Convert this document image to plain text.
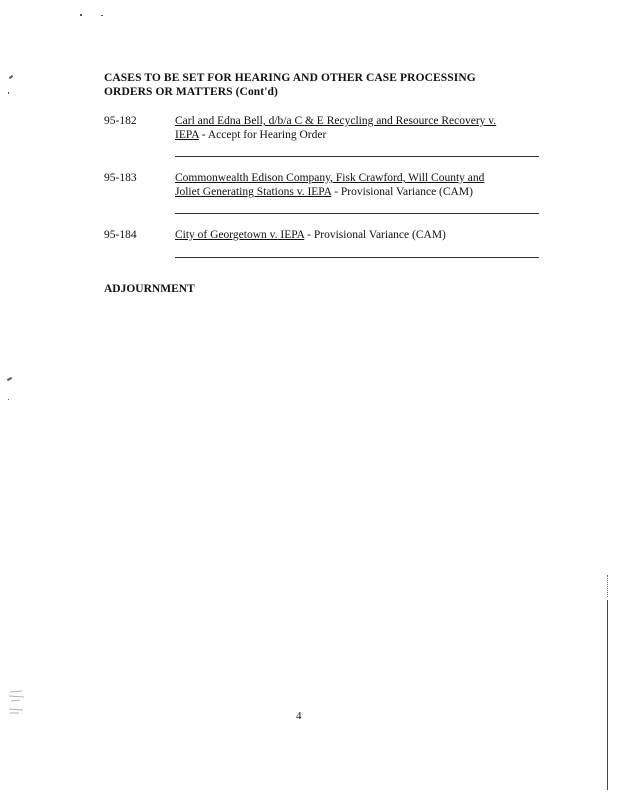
CASES TO BE SET FOR HEARING AND OTHER CASE PROCESSING
ORDERS OR MATTERS (Cont'd)
95-182	Carl and Edna Bell, d/b/a C & E Recycling and Resource Recovery v.
IEPA - Accept for Hearing Order
95-183	Commonwealth Edison Company, Fisk Crawford, Will County and
Joliet Generating Stations v. IEPA - Provisional Variance (CAM)
95-184	City of Georgetown v. IEPA - Provisional Variance (CAM)
ADJOURNMENT
4
